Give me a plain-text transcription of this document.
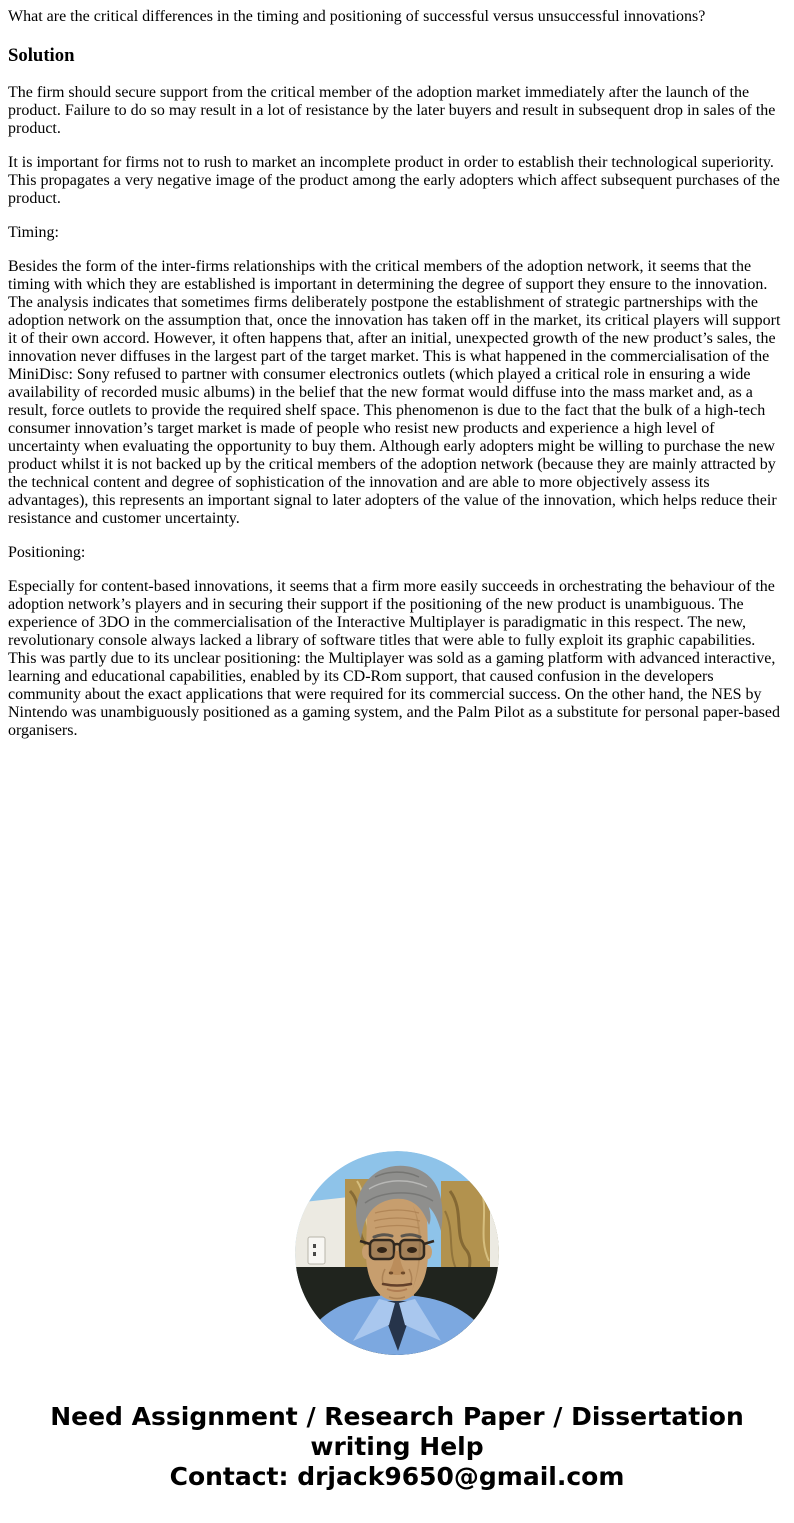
What are the critical differences in the timing and positioning of successful versus unsuccessful innovations?

Solution

The firm should secure support from the critical member of the adoption market immediately after the launch of the product. Failure to do so may result in a lot of resistance by the later buyers and result in subsequent drop in sales of the product.

It is important for firms not to rush to market an incomplete product in order to establish their technological superiority. This propagates a very negative image of the product among the early adopters which affect subsequent purchases of the product.

Timing:

Besides the form of the inter-firms relationships with the critical members of the adoption network, it seems that the timing with which they are established is important in determining the degree of support they ensure to the innovation. The analysis indicates that sometimes firms deliberately postpone the establishment of strategic partnerships with the adoption network on the assumption that, once the innovation has taken off in the market, its critical players will support it of their own accord. However, it often happens that, after an initial, unexpected growth of the new product’s sales, the innovation never diffuses in the largest part of the target market. This is what happened in the commercialisation of the MiniDisc: Sony refused to partner with consumer electronics outlets (which played a critical role in ensuring a wide availability of recorded music albums) in the belief that the new format would diffuse into the mass market and, as a result, force outlets to provide the required shelf space. This phenomenon is due to the fact that the bulk of a high-tech consumer innovation’s target market is made of people who resist new products and experience a high level of uncertainty when evaluating the opportunity to buy them. Although early adopters might be willing to purchase the new product whilst it is not backed up by the critical members of the adoption network (because they are mainly attracted by the technical content and degree of sophistication of the innovation and are able to more objectively assess its advantages), this represents an important signal to later adopters of the value of the innovation, which helps reduce their resistance and customer uncertainty.

Positioning:

Especially for content-based innovations, it seems that a firm more easily succeeds in orchestrating the behaviour of the adoption network’s players and in securing their support if the positioning of the new product is unambiguous. The experience of 3DO in the commercialisation of the Interactive Multiplayer is paradigmatic in this respect. The new, revolutionary console always lacked a library of software titles that were able to fully exploit its graphic capabilities. This was partly due to its unclear positioning: the Multiplayer was sold as a gaming platform with advanced interactive, learning and educational capabilities, enabled by its CD-Rom support, that caused confusion in the developers community about the exact applications that were required for its commercial success. On the other hand, the NES by Nintendo was unambiguously positioned as a gaming system, and the Palm Pilot as a substitute for personal paper-based organisers.

Need Assignment / Research Paper / Dissertation writing Help
Contact: drjack9650@gmail.com
